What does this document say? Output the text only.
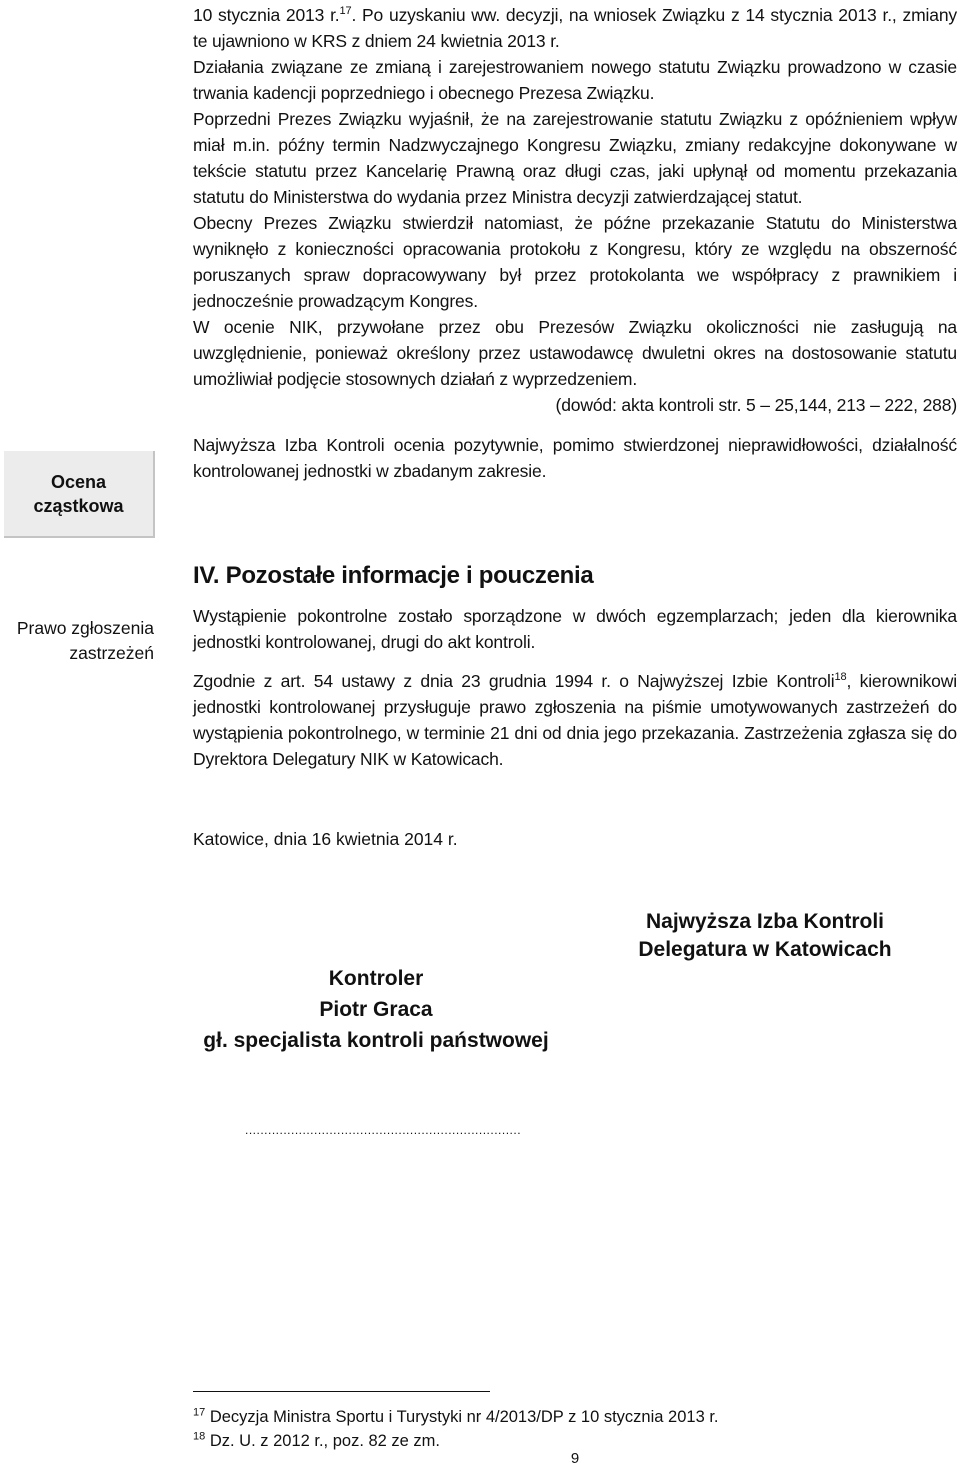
10 stycznia 2013 r.$^{17}$. Po uzyskaniu ww. decyzji, na wniosek Związku z 14 stycznia 2013 r., zmiany te ujawniono w KRS z dniem 24 kwietnia 2013 r.

Działania związane ze zmianą i zarejestrowaniem nowego statutu Związku prowadzono w czasie trwania kadencji poprzedniego i obecnego Prezesa Związku.

Poprzedni Prezes Związku wyjaśnił, że na zarejestrowanie statutu Związku z opóźnieniem wpływ miał m.in. późny termin Nadzwyczajnego Kongresu Związku, zmiany redakcyjne dokonywane w tekście statutu przez Kancelarię Prawną oraz długi czas, jaki upłynął od momentu przekazania statutu do Ministerstwa do wydania przez Ministra decyzji zatwierdzającej statut.

Obecny Prezes Związku stwierdził natomiast, że późne przekazanie Statutu do Ministerstwa wyniknęło z konieczności opracowania protokołu z Kongresu, który ze względu na obszerność poruszanych spraw dopracowywany był przez protokolanta we współpracy z prawnikiem i jednocześnie prowadzącym Kongres.

W ocenie NIK, przywołane przez obu Prezesów Związku okoliczności nie zasługują na uwzględnienie, ponieważ określony przez ustawodawcę dwuletni okres na dostosowanie statutu umożliwiał podjęcie stosownych działań z wyprzedzeniem.

(dowód: akta kontroli str. 5 – 25,144, 213 – 222, 288)

Najwyższa Izba Kontroli ocenia pozytywnie, pomimo stwierdzonej nieprawidłowości, działalność kontrolowanej jednostki w zbadanym zakresie.

Ocena
cząstkowa
IV. Pozostałe informacje i pouczenia
Prawo zgłoszenia
zastrzeżeń

Wystąpienie pokontrolne zostało sporządzone w dwóch egzemplarzach; jeden dla kierownika jednostki kontrolowanej, drugi do akt kontroli.

Zgodnie z art. 54 ustawy z dnia 23 grudnia 1994 r. o Najwyższej Izbie Kontroli$^{18}$, kierownikowi jednostki kontrolowanej przysługuje prawo zgłoszenia na piśmie umotywowanych zastrzeżeń do wystąpienia pokontrolnego, w terminie 21 dni od dnia jego przekazania. Zastrzeżenia zgłasza się do Dyrektora Delegatury NIK w Katowicach.

Katowice, dnia 16 kwietnia 2014 r.
Najwyższa Izba Kontroli
Delegatura w Katowicach
Kontroler
Piotr Graca
gł. specjalista kontroli państwowej
........................................................................
$^{17}$ Decyzja Ministra Sportu i Turystyki nr 4/2013/DP z 10 stycznia 2013 r.
$^{18}$ Dz. U. z 2012 r., poz. 82 ze zm.
9
